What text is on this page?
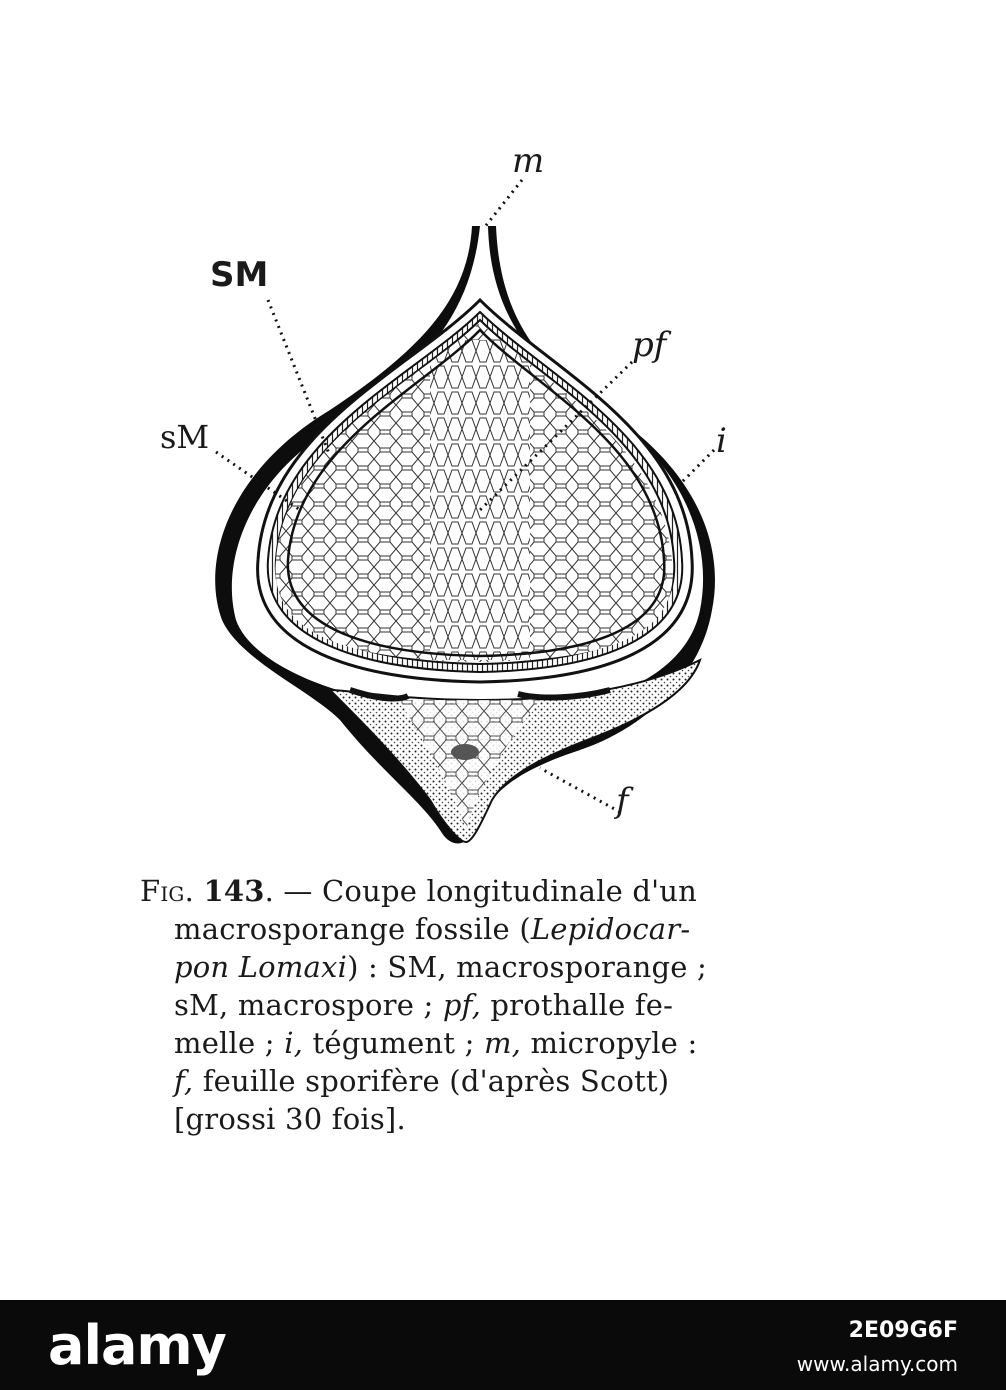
m
SM
pf
sM	i
f
Fig. 143. — Coupe longitudinale d'un
macrosporange fossile (Lepidocar-
pon Lomaxi) : SM, macrosporange ;
sM, macrospore ; pf, prothalle fe-
melle ; i, tégument ; m, micropyle :
f, feuille sporifère (d'après Scott)
[grossi 30 fois].
alamy	2E09G6F
www.alamy.com
